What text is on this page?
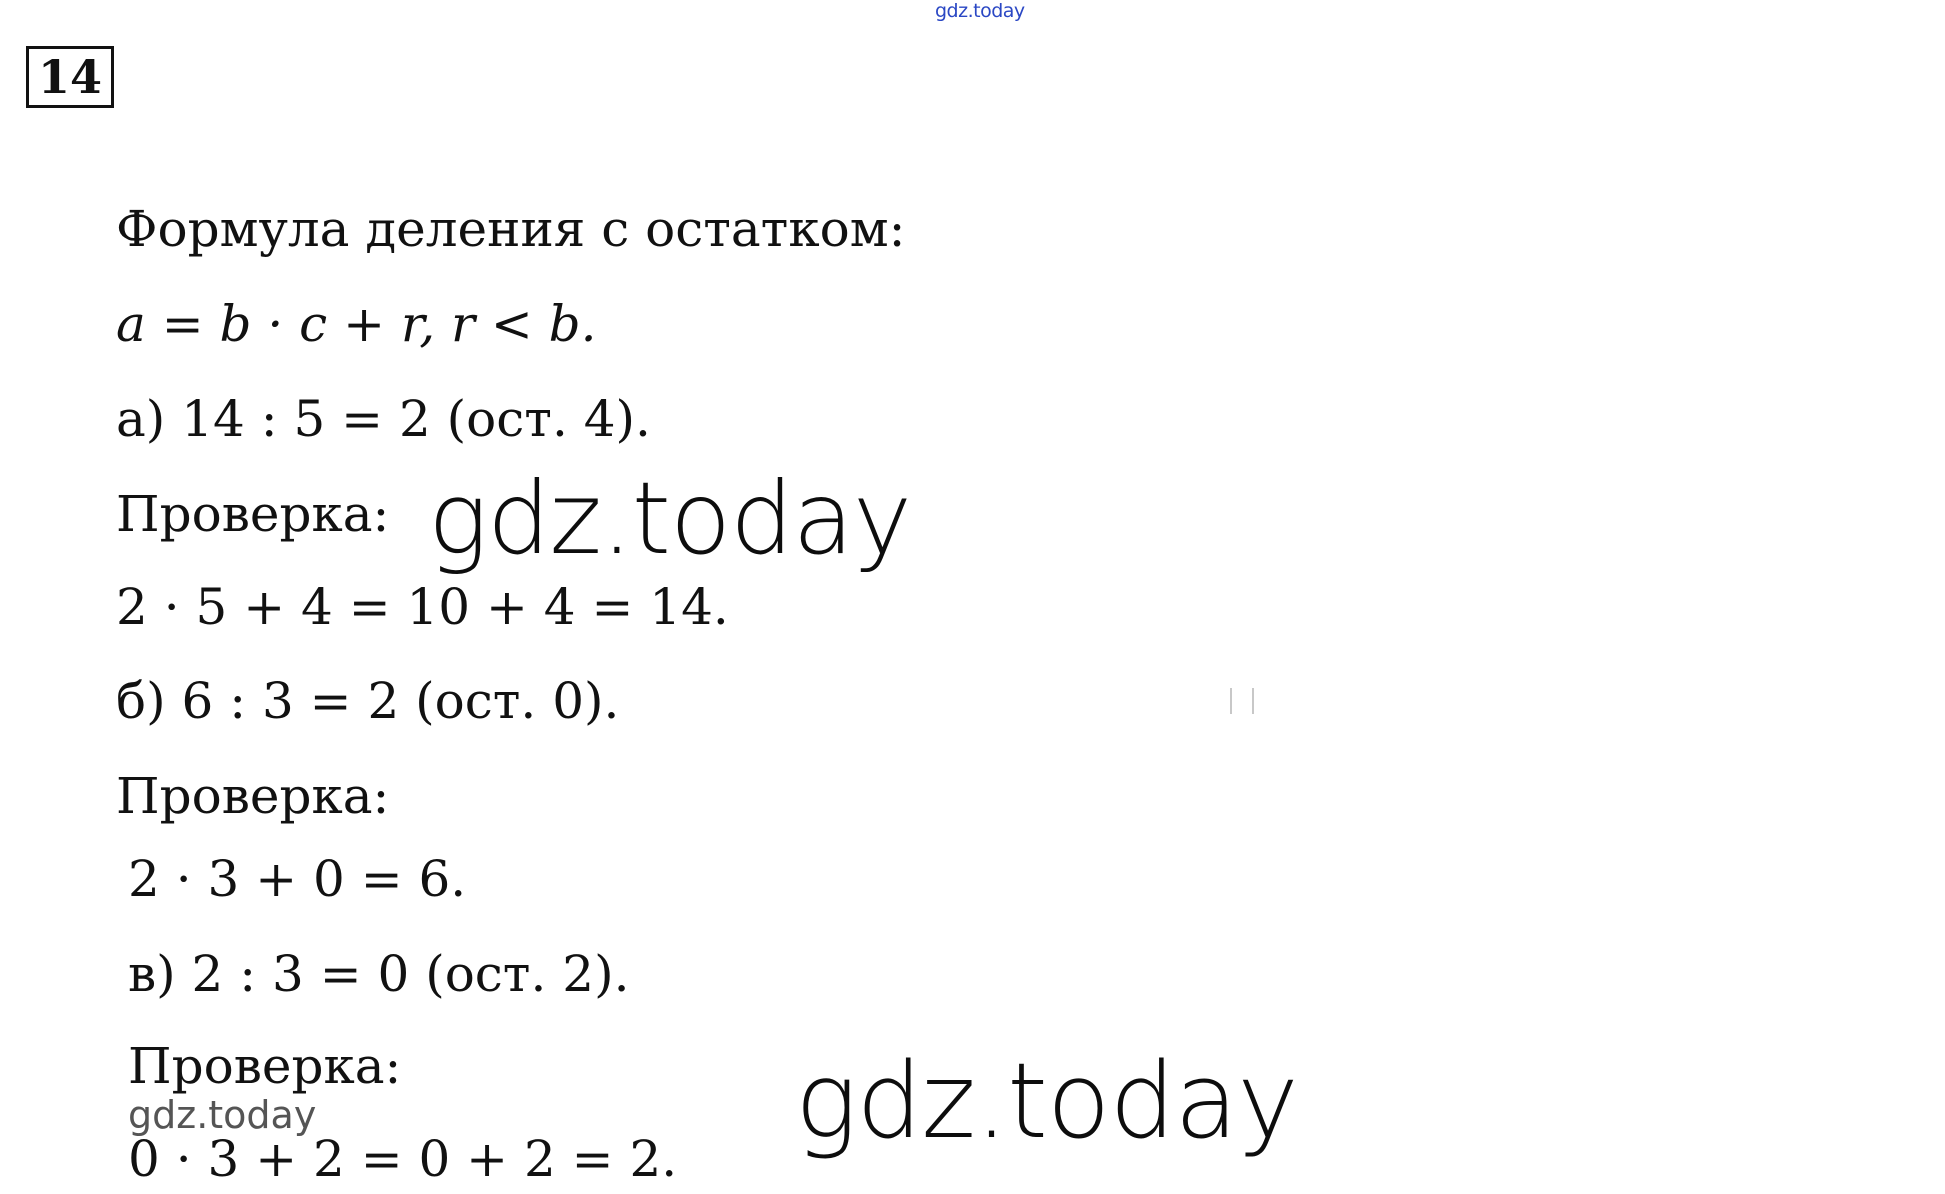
gdz.today
14
Формула деления с остатком:
a = b · c + r, r < b.
а) 14 : 5 = 2 (ост. 4).
Проверка:
2 · 5 + 4 = 10 + 4 = 14.
б) 6 : 3 = 2 (ост. 0).
Проверка:
2 · 3 + 0 = 6.
в) 2 : 3 = 0 (ост. 2).
Проверка:
0 · 3 + 2 = 0 + 2 = 2.
gdz.today
gdz.today
gdz.today
